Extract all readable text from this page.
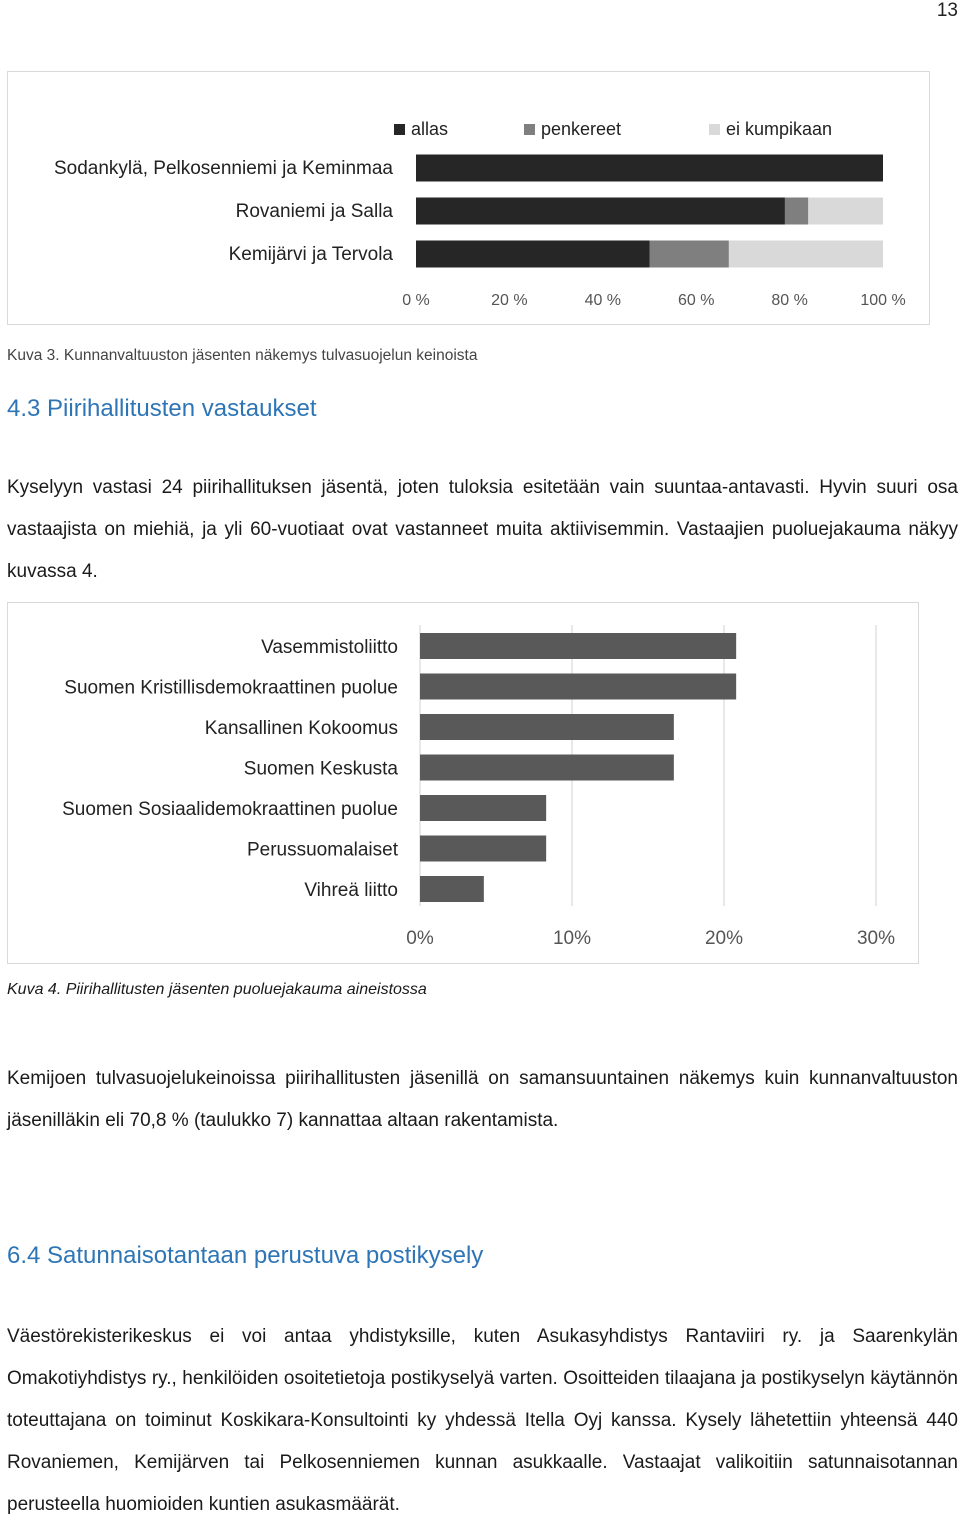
13
allas	penkereet	ei kumpikaan
Sodankylä, Pelkosenniemi ja Keminmaa
Rovaniemi ja Salla
Kemijärvi ja Tervola
0 %	20 %	40 %	60 %	80 %	100 %
Kuva 3. Kunnanvaltuuston jäsenten näkemys tulvasuojelun keinoista
4.3 Piirihallitusten vastaukset

Kyselyyn vastasi 24 piirihallituksen jäsentä, joten tuloksia esitetään vain suuntaa-antavasti. Hyvin suuri osa vastaajista on miehiä, ja yli 60-vuotiaat ovat vastanneet muita aktiivisemmin. Vastaajien puoluejakauma näkyy kuvassa 4.

Vasemmistoliitto
Suomen Kristillisdemokraattinen puolue
Kansallinen Kokoomus
Suomen Keskusta
Suomen Sosiaalidemokraattinen puolue
Perussuomalaiset
Vihreä liitto
0%	10%	20%	30%
Kuva 4. Piirihallitusten jäsenten puoluejakauma aineistossa

Kemijoen tulvasuojelukeinoissa piirihallitusten jäsenillä on samansuuntainen näkemys kuin kunnanvaltuuston jäsenilläkin eli 70,8 % (taulukko 7) kannattaa altaan rakentamista.

6.4 Satunnaisotantaan perustuva postikysely

Väestörekisterikeskus ei voi antaa yhdistyksille, kuten Asukasyhdistys Rantaviiri ry. ja Saarenkylän Omakotiyhdistys ry., henkilöiden osoitetietoja postikyselyä varten. Osoitteiden tilaajana ja postikyselyn käytännön toteuttajana on toiminut Koskikara-Konsultointi ky yhdessä Itella Oyj kanssa. Kysely lähetettiin yhteensä 440 Rovaniemen, Kemijärven tai Pelkosenniemen kunnan asukkaalle. Vastaajat valikoitiin satunnaisotannan perusteella huomioiden kuntien asukasmäärät.
